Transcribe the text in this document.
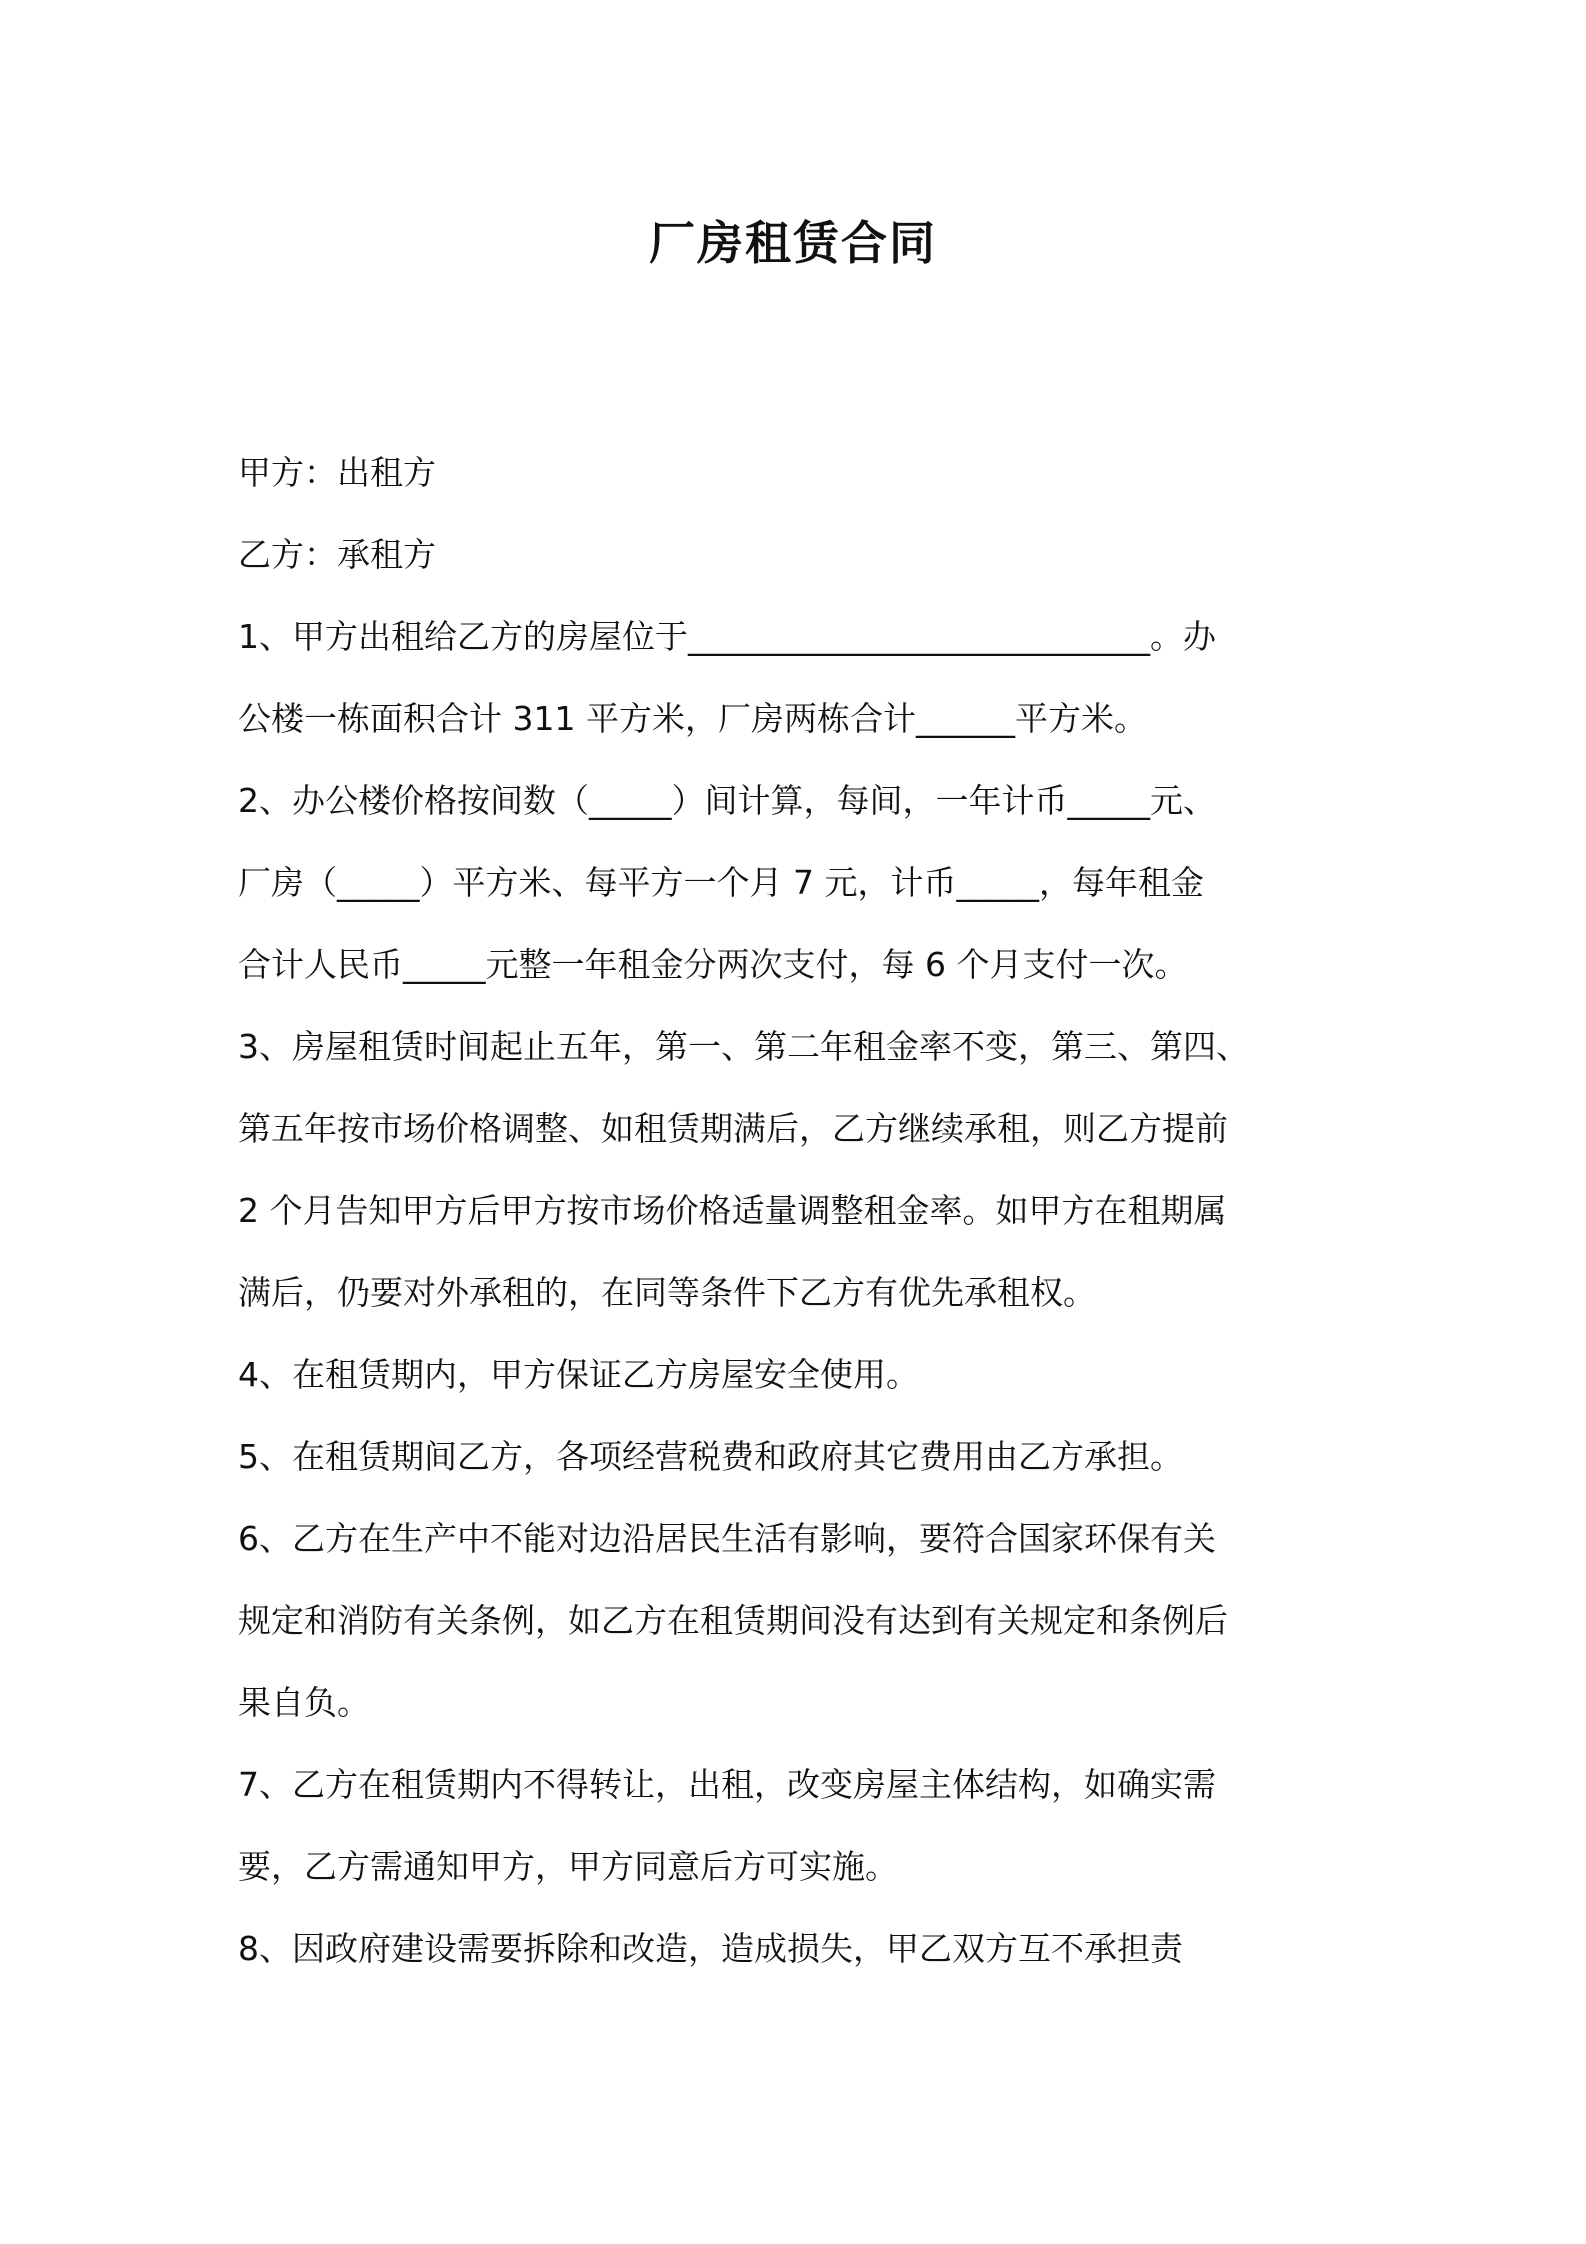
厂房租赁合同
甲方：出租方
乙方：承租方
1、甲方出租给乙方的房屋位于____________________________。办
公楼一栋面积合计 311 平方米，厂房两栋合计______平方米。
2、办公楼价格按间数（_____）间计算，每间，一年计币_____元、
厂房（_____）平方米、每平方一个月 7 元，计币_____，每年租金
合计人民币_____元整一年租金分两次支付，每 6 个月支付一次。
3、房屋租赁时间起止五年，第一、第二年租金率不变，第三、第四、
第五年按市场价格调整、如租赁期满后，乙方继续承租，则乙方提前
2 个月告知甲方后甲方按市场价格适量调整租金率。如甲方在租期属
满后，仍要对外承租的，在同等条件下乙方有优先承租权。
4、在租赁期内，甲方保证乙方房屋安全使用。
5、在租赁期间乙方，各项经营税费和政府其它费用由乙方承担。
6、乙方在生产中不能对边沿居民生活有影响，要符合国家环保有关
规定和消防有关条例，如乙方在租赁期间没有达到有关规定和条例后
果自负。
7、乙方在租赁期内不得转让，出租，改变房屋主体结构，如确实需
要，乙方需通知甲方，甲方同意后方可实施。
8、因政府建设需要拆除和改造，造成损失，甲乙双方互不承担责
